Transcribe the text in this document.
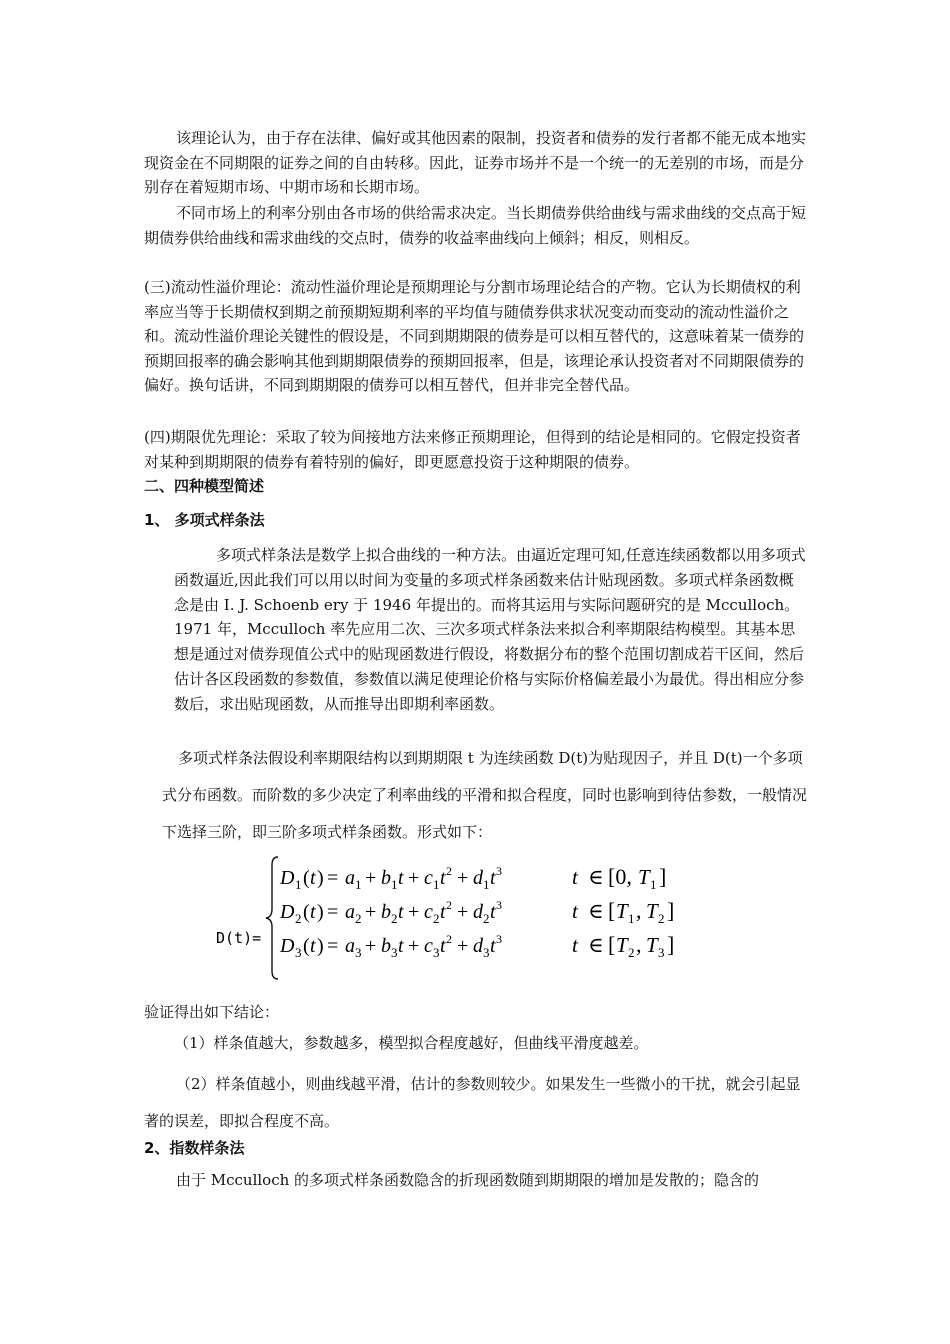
该理论认为，由于存在法律、偏好或其他因素的限制，投资者和债券的发行者都不能无成本地实现资金在不同期限的证券之间的自由转移。因此，证券市场并不是一个统一的无差别的市场，而是分别存在着短期市场、中期市场和长期市场。

不同市场上的利率分别由各市场的供给需求决定。当长期债券供给曲线与需求曲线的交点高于短期债券供给曲线和需求曲线的交点时，债券的收益率曲线向上倾斜；相反，则相反。

(三)流动性溢价理论：流动性溢价理论是预期理论与分割市场理论结合的产物。它认为长期债权的利率应当等于长期债权到期之前预期短期利率的平均值与随债券供求状况变动而变动的流动性溢价之和。流动性溢价理论关键性的假设是，不同到期期限的债券是可以相互替代的，这意味着某一债券的预期回报率的确会影响其他到期期限债券的预期回报率，但是，该理论承认投资者对不同期限债券的偏好。换句话讲，不同到期期限的债券可以相互替代，但并非完全替代品。

(四)期限优先理论：采取了较为间接地方法来修正预期理论，但得到的结论是相同的。它假定投资者对某种到期期限的债券有着特别的偏好，即更愿意投资于这种期限的债券。

二、四种模型简述
1、 多项式样条法

多项式样条法是数学上拟合曲线的一种方法。由逼近定理可知,任意连续函数都以用多项式函数逼近,因此我们可以用以时间为变量的多项式样条函数来估计贴现函数。多项式样条函数概念是由 I. J. Schoenb ery 于 1946 年提出的。而将其运用与实际问题研究的是 Mcculloch。1971 年，Mcculloch 率先应用二次、三次多项式样条法来拟合利率期限结构模型。其基本思想是通过对债券现值公式中的贴现函数进行假设，将数据分布的整个范围切割成若干区间，然后估计各区段函数的参数值，参数值以满足使理论价格与实际价格偏差最小为最优。得出相应分参数后，求出贴现函数，从而推导出即期利率函数。

多项式样条法假设利率期限结构以到期期限 t 为连续函数 D(t)为贴现因子，并且 D(t)一个多项式分布函数。而阶数的多少决定了利率曲线的平滑和拟合程度，同时也影响到待估参数，一般情况下选择三阶，即三阶多项式样条函数。形式如下：

D(t)=
D 1 ( t ) = a 1 + b 1 t + c 1 t 2 + d 1 t 3	t ∈ [0, T 1 ]
D 2 ( t ) = a 2 + b 2 t + c 2 t 2 + d 2 t 3	t ∈ [ T 1 , T 2 ]
D 3 ( t ) = a 3 + b 3 t + c 3 t 2 + d 3 t 3	t ∈ [ T 2 , T 3 ]

验证得出如下结论：

（1）样条值越大，参数越多，模型拟合程度越好，但曲线平滑度越差。

（2）样条值越小，则曲线越平滑，估计的参数则较少。如果发生一些微小的干扰，就会引起显著的误差，即拟合程度不高。

2、指数样条法

由于 Mcculloch 的多项式样条函数隐含的折现函数随到期期限的增加是发散的；隐含的
